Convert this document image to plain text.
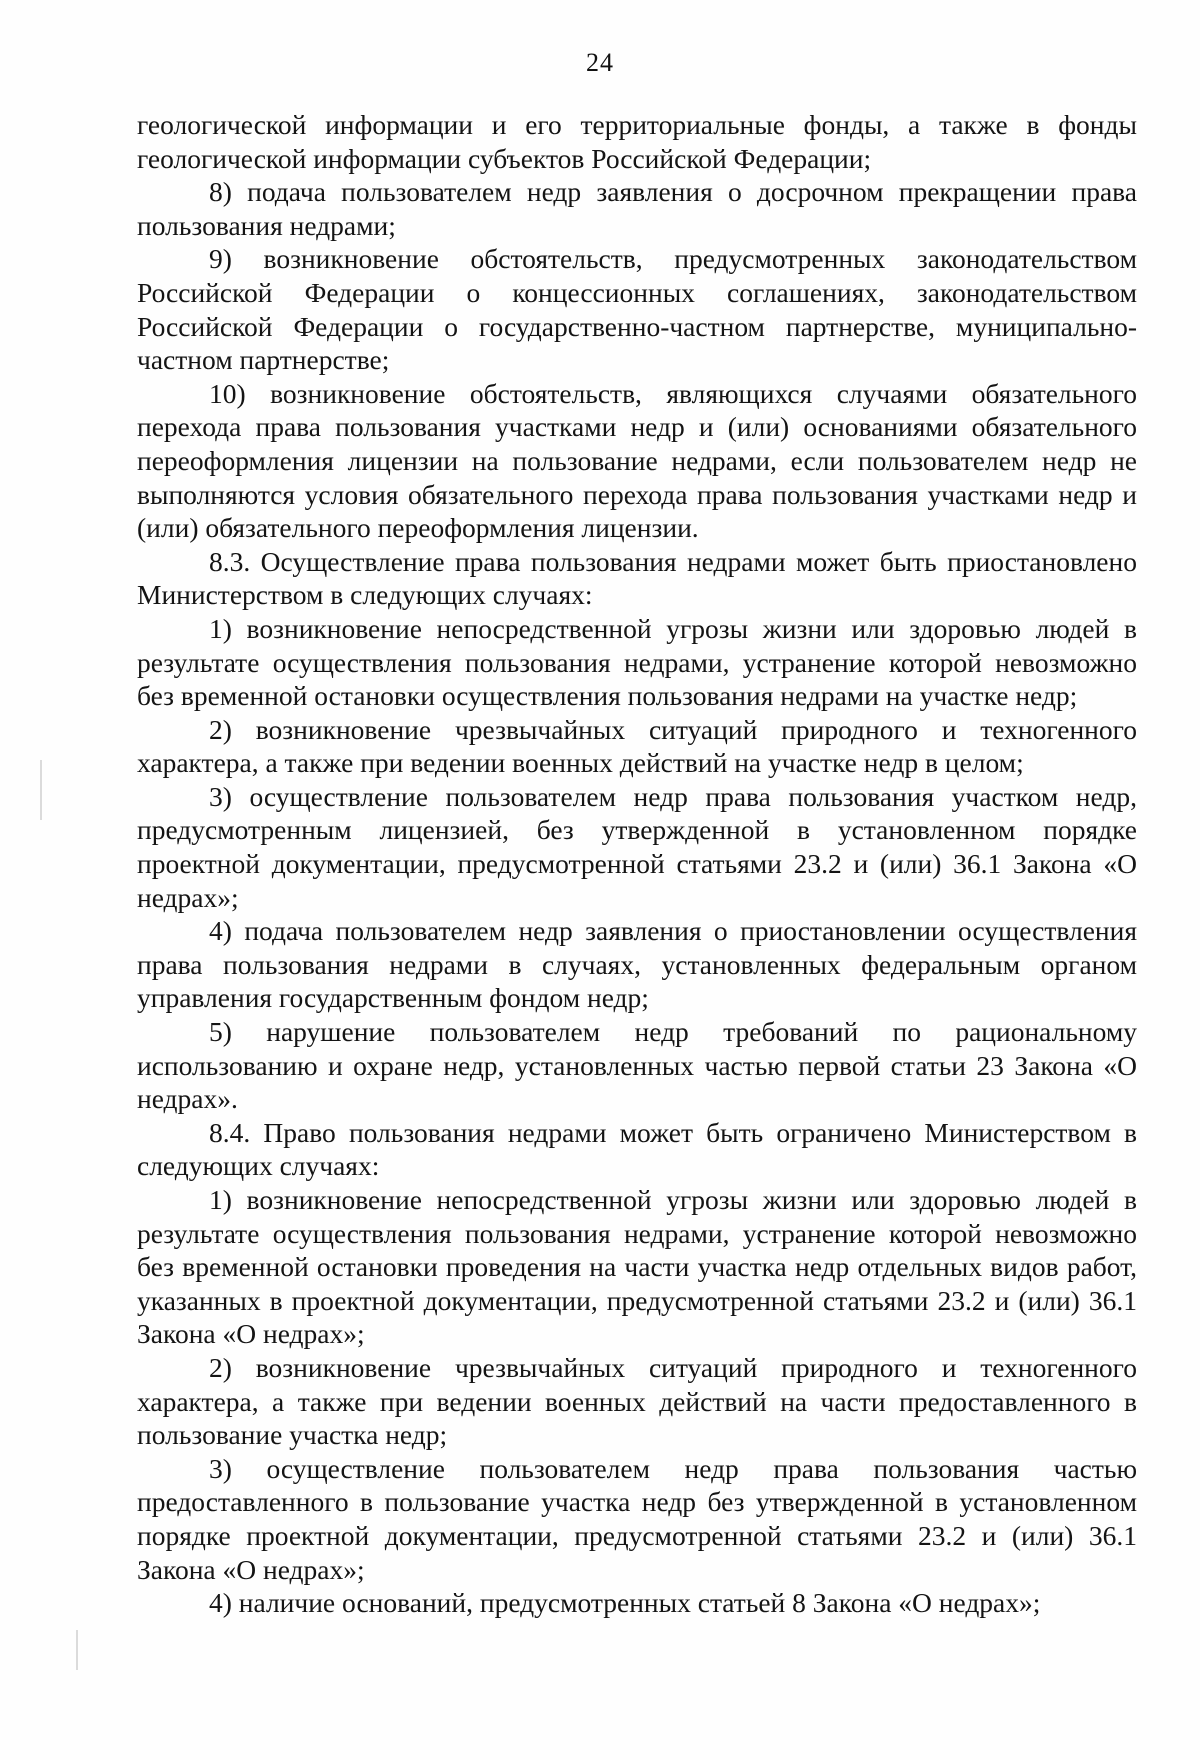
24

геологической информации и его территориальные фонды, а также в фонды геологической информации субъектов Российской Федерации;

8) подача пользователем недр заявления о досрочном прекращении права пользования недрами;

9) возникновение обстоятельств, предусмотренных законодательством Российской Федерации о концессионных соглашениях, законодательством Российской Федерации о государственно-частном партнерстве, муниципально-частном партнерстве;

10) возникновение обстоятельств, являющихся случаями обязательного перехода права пользования участками недр и (или) основаниями обязательного переоформления лицензии на пользование недрами, если пользователем недр не выполняются условия обязательного перехода права пользования участками недр и (или) обязательного переоформления лицензии.

8.3. Осуществление права пользования недрами может быть приостановлено Министерством в следующих случаях:

1) возникновение непосредственной угрозы жизни или здоровью людей в результате осуществления пользования недрами, устранение которой невозможно без временной остановки осуществления пользования недрами на участке недр;

2) возникновение чрезвычайных ситуаций природного и техногенного характера, а также при ведении военных действий на участке недр в целом;

3) осуществление пользователем недр права пользования участком недр, предусмотренным лицензией, без утвержденной в установленном порядке проектной документации, предусмотренной статьями 23.2 и (или) 36.1 Закона «О недрах»;

4) подача пользователем недр заявления о приостановлении осуществления права пользования недрами в случаях, установленных федеральным органом управления государственным фондом недр;

5) нарушение пользователем недр требований по рациональному использованию и охране недр, установленных частью первой статьи 23 Закона «О недрах».

8.4. Право пользования недрами может быть ограничено Министерством в следующих случаях:

1) возникновение непосредственной угрозы жизни или здоровью людей в результате осуществления пользования недрами, устранение которой невозможно без временной остановки проведения на части участка недр отдельных видов работ, указанных в проектной документации, предусмотренной статьями 23.2 и (или) 36.1 Закона «О недрах»;

2) возникновение чрезвычайных ситуаций природного и техногенного характера, а также при ведении военных действий на части предоставленного в пользование участка недр;

3) осуществление пользователем недр права пользования частью предоставленного в пользование участка недр без утвержденной в установленном порядке проектной документации, предусмотренной статьями 23.2 и (или) 36.1 Закона «О недрах»;

4) наличие оснований, предусмотренных статьей 8 Закона «О недрах»;
